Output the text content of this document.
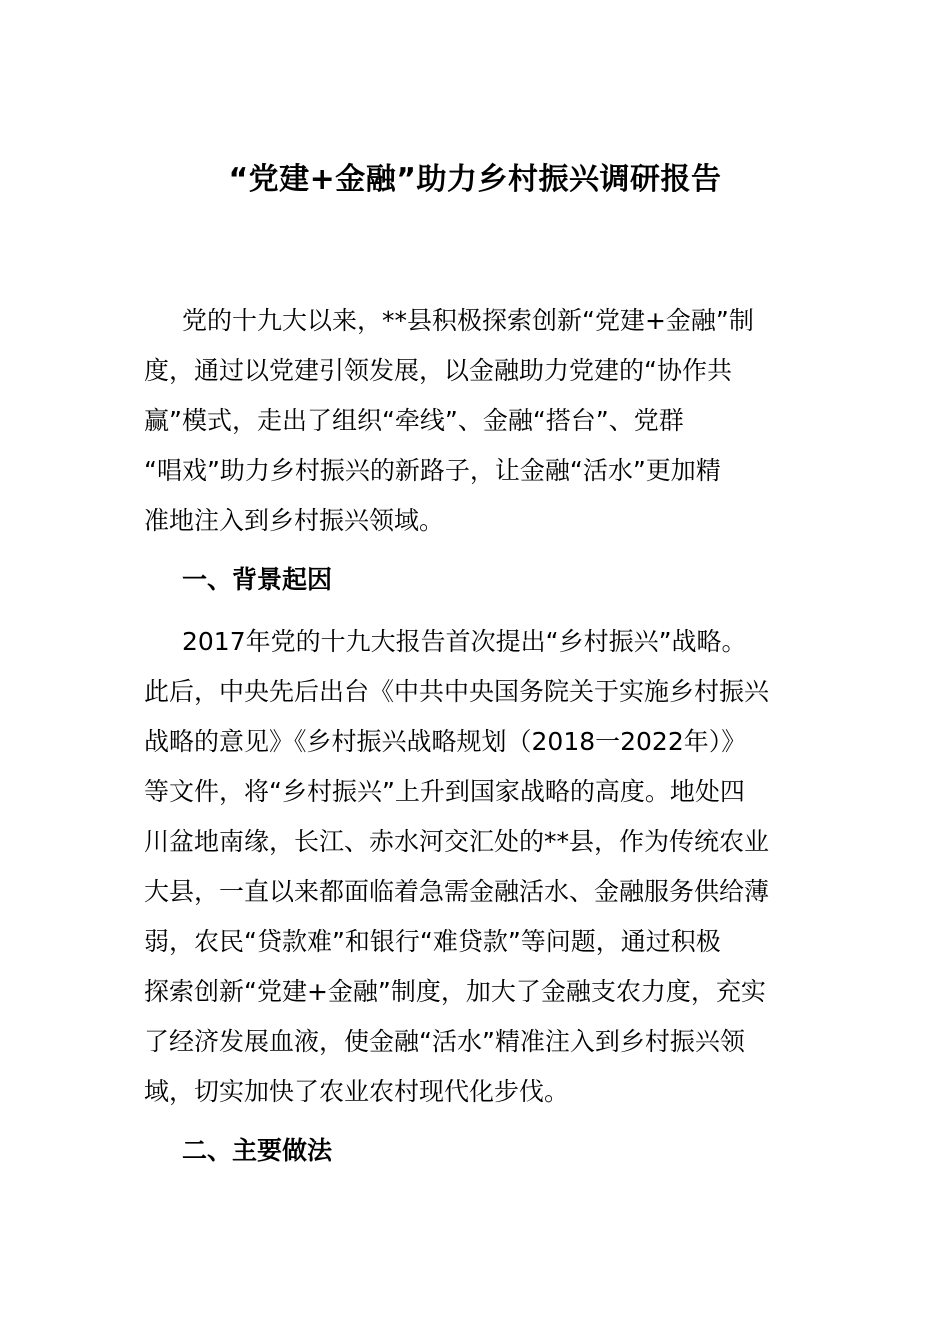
“党建+金融”助力乡村振兴调研报告
党的十九大以来，**县积极探索创新“党建+金融”制
度，通过以党建引领发展，以金融助力党建的“协作共
赢”模式，走出了组织“牵线”、金融“搭台”、党群
“唱戏”助力乡村振兴的新路子，让金融“活水”更加精
准地注入到乡村振兴领域。
一、背景起因
2017年党的十九大报告首次提出“乡村振兴”战略。
此后，中央先后出台《中共中央国务院关于实施乡村振兴
战略的意见》《乡村振兴战略规划（2018一2022年）》
等文件，将“乡村振兴”上升到国家战略的高度。地处四
川盆地南缘，长江、赤水河交汇处的**县，作为传统农业
大县，一直以来都面临着急需金融活水、金融服务供给薄
弱，农民“贷款难”和银行“难贷款”等问题，通过积极
探索创新“党建+金融”制度，加大了金融支农力度，充实
了经济发展血液，使金融“活水”精准注入到乡村振兴领
域，切实加快了农业农村现代化步伐。
二、主要做法
